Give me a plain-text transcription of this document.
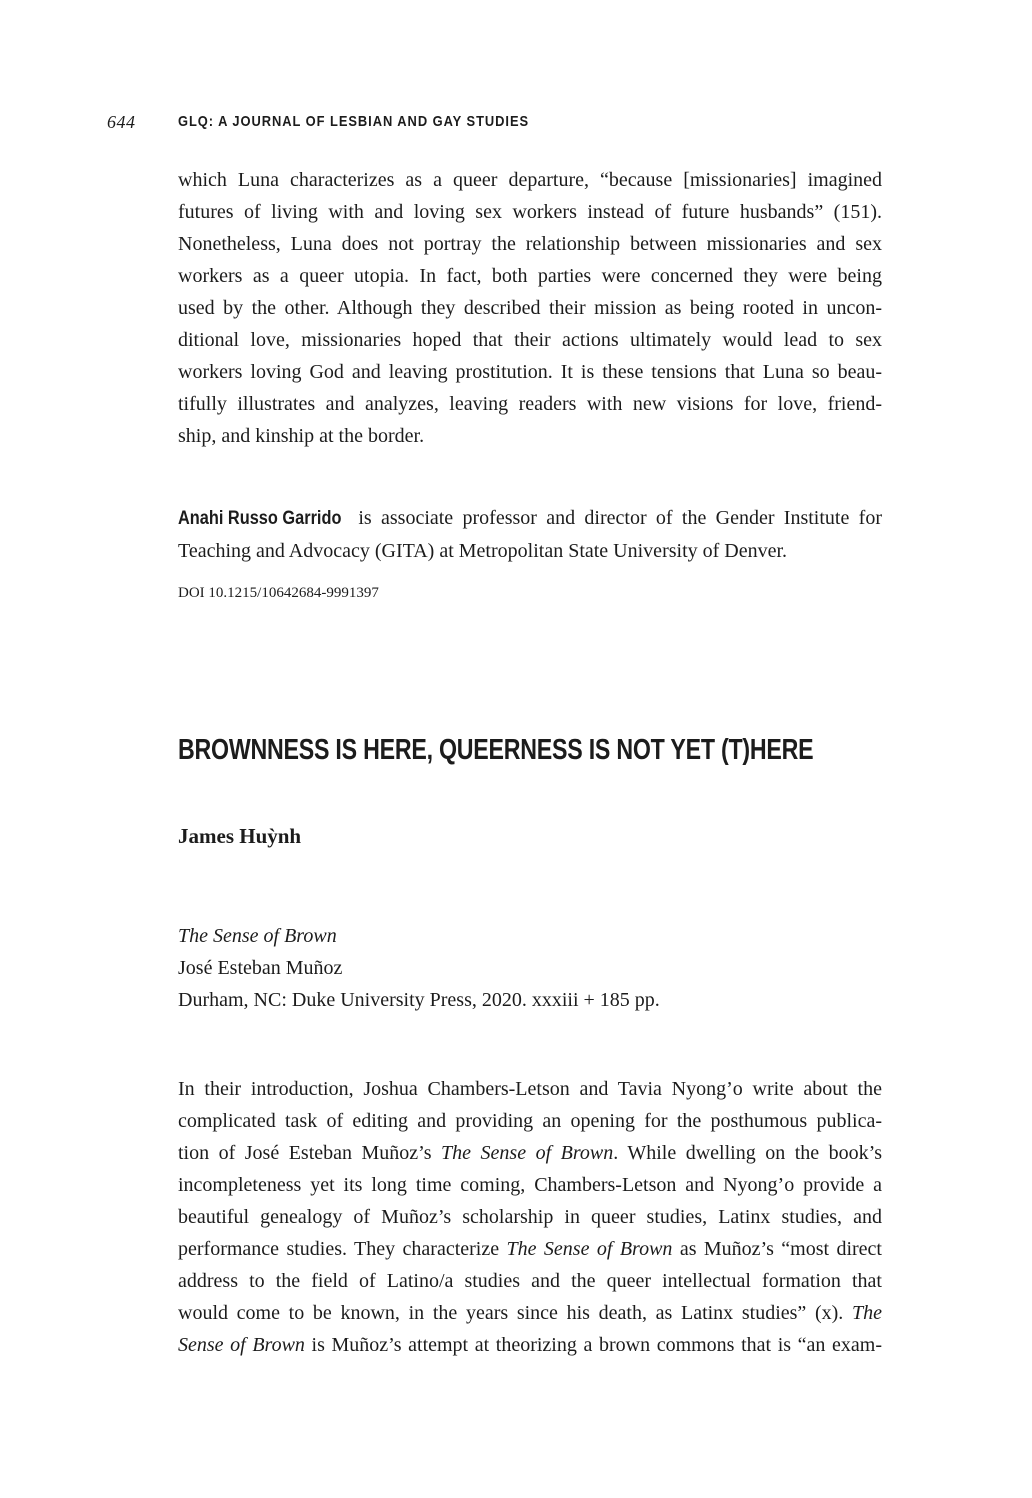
644	GLQ: A JOURNAL OF LESBIAN AND GAY STUDIES
which Luna characterizes as a queer departure, “because [missionaries] imagined
futures of living with and loving sex workers instead of future husbands” (151).
Nonetheless, Luna does not portray the relationship between missionaries and sex
workers as a queer utopia. In fact, both parties were concerned they were being
used by the other. Although they described their mission as being rooted in uncon-
ditional love, missionaries hoped that their actions ultimately would lead to sex
workers loving God and leaving prostitution. It is these tensions that Luna so beau-
tifully illustrates and analyzes, leaving readers with new visions for love, friend-
ship, and kinship at the border.
Anahi Russo Garrido is associate professor and director of the Gender Institute for
Teaching and Advocacy (GITA) at Metropolitan State University of Denver.
DOI 10.1215/10642684-9991397
BROWNNESS IS HERE, QUEERNESS IS NOT YET (T)HERE
James Huỳnh
The Sense of Brown
José Esteban Muñoz
Durham, NC: Duke University Press, 2020. xxxiii + 185 pp.
In their introduction, Joshua Chambers-Letson and Tavia Nyong’o write about the
complicated task of editing and providing an opening for the posthumous publica-
tion of José Esteban Muñoz’s The Sense of Brown. While dwelling on the book’s
incompleteness yet its long time coming, Chambers-Letson and Nyong’o provide a
beautiful genealogy of Muñoz’s scholarship in queer studies, Latinx studies, and
performance studies. They characterize The Sense of Brown as Muñoz’s “most direct
address to the field of Latino/a studies and the queer intellectual formation that
would come to be known, in the years since his death, as Latinx studies” (x). The
Sense of Brown is Muñoz’s attempt at theorizing a brown commons that is “an exam-
